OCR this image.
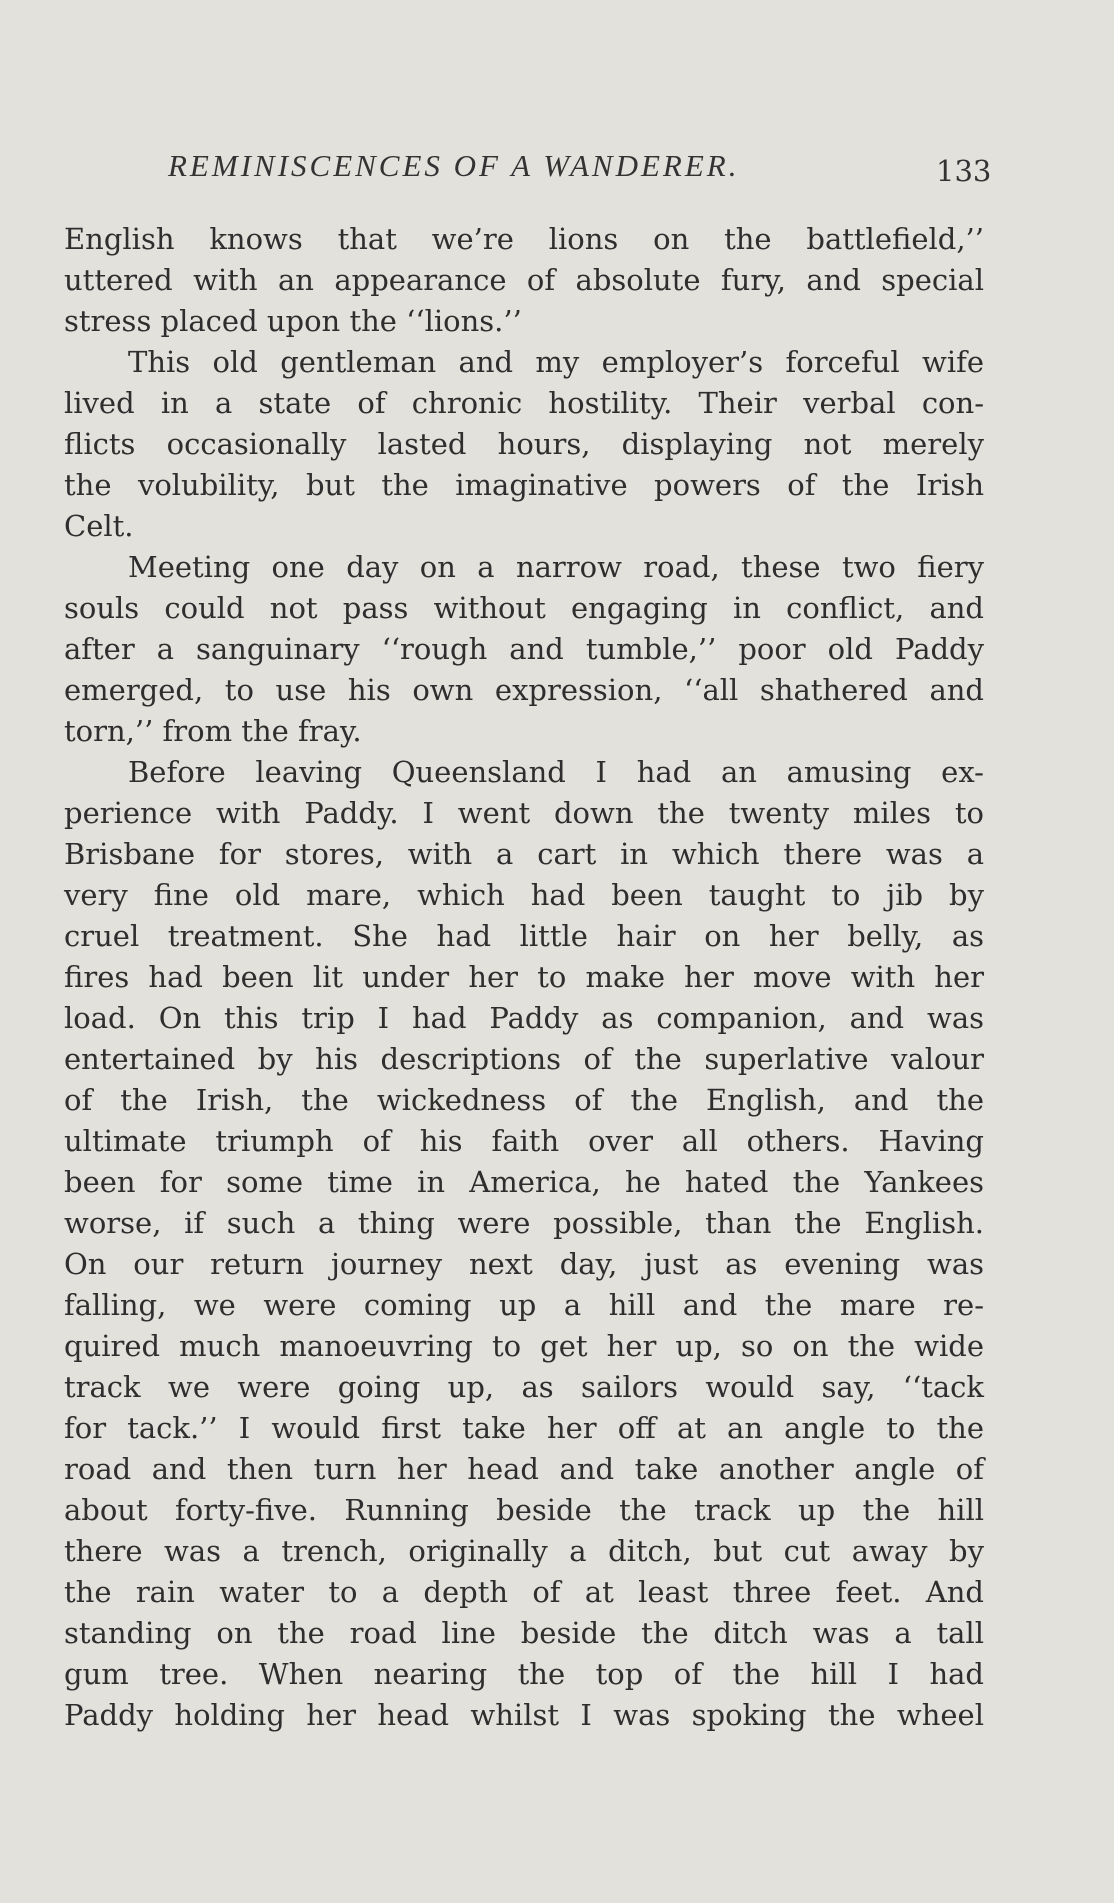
REMINISCENCES OF A WANDERER.	133
English knows that we’re lions on the battlefield,’’
uttered with an appearance of absolute fury, and special
stress placed upon the ‘‘lions.’’
This old gentleman and my employer’s forceful wife
lived in a state of chronic hostility. Their verbal con-
flicts occasionally lasted hours, displaying not merely
the volubility, but the imaginative powers of the Irish
Celt.
Meeting one day on a narrow road, these two fiery
souls could not pass without engaging in conflict, and
after a sanguinary ‘‘rough and tumble,’’ poor old Paddy
emerged, to use his own expression, ‘‘all shathered and
torn,’’ from the fray.
Before leaving Queensland I had an amusing ex-
perience with Paddy. I went down the twenty miles to
Brisbane for stores, with a cart in which there was a
very fine old mare, which had been taught to jib by
cruel treatment. She had little hair on her belly, as
fires had been lit under her to make her move with her
load. On this trip I had Paddy as companion, and was
entertained by his descriptions of the superlative valour
of the Irish, the wickedness of the English, and the
ultimate triumph of his faith over all others. Having
been for some time in America, he hated the Yankees
worse, if such a thing were possible, than the English.
On our return journey next day, just as evening was
falling, we were coming up a hill and the mare re-
quired much manoeuvring to get her up, so on the wide
track we were going up, as sailors would say, ‘‘tack
for tack.’’ I would first take her off at an angle to the
road and then turn her head and take another angle of
about forty-five. Running beside the track up the hill
there was a trench, originally a ditch, but cut away by
the rain water to a depth of at least three feet. And
standing on the road line beside the ditch was a tall
gum tree. When nearing the top of the hill I had
Paddy holding her head whilst I was spoking the wheel
